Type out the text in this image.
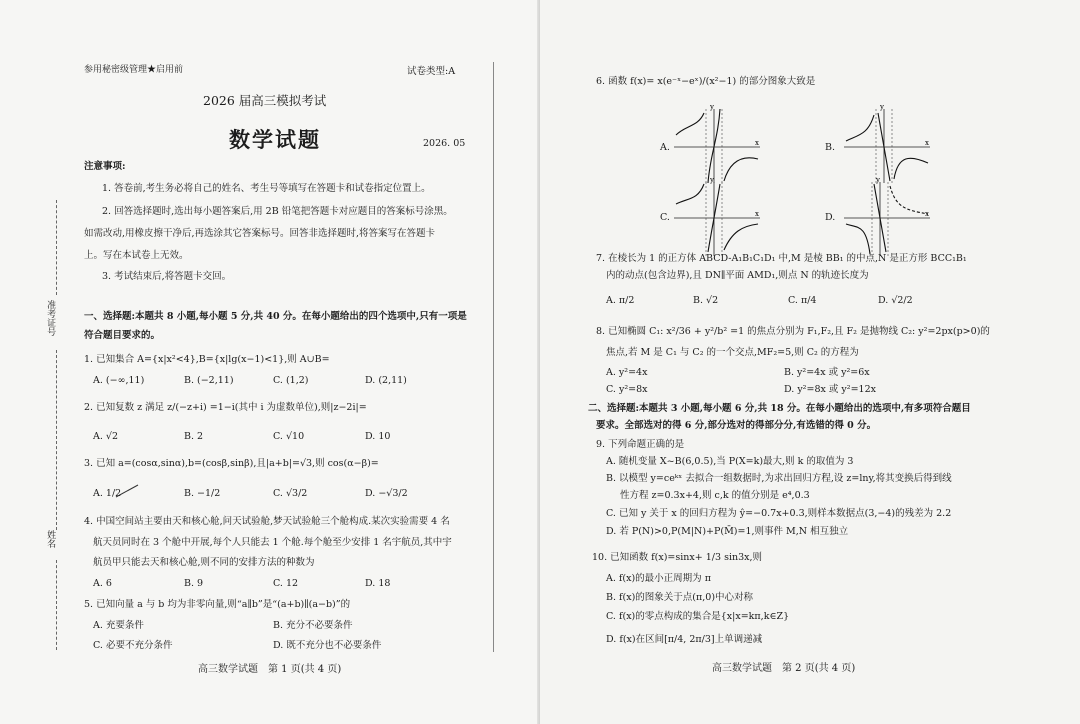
参用秘密级管理★启用前	试卷类型:A
2026 届高三模拟考试
数学试题	2026. 05
注意事项:
1. 答卷前,考生务必将自己的姓名、考生号等填写在答题卡和试卷指定位置上。
2. 回答选择题时,选出每小题答案后,用 2B 铅笔把答题卡对应题目的答案标号涂黑。
如需改动,用橡皮擦干净后,再选涂其它答案标号。回答非选择题时,将答案写在答题卡
上。写在本试卷上无效。
3. 考试结束后,将答题卡交回。
准考证号
姓名
一、选择题:本题共 8 小题,每小题 5 分,共 40 分。在每小题给出的四个选项中,只有一项是
符合题目要求的。
1. 已知集合 A={x|x²<4},B={x|lg(x−1)<1},则 A∪B=
A. (−∞,11)	B. (−2,11)	C. (1,2)	D. (2,11)
2. 已知复数 z 满足 z/(−z+i) =1−i(其中 i 为虚数单位),则|z−2i|=
A. √2	B. 2	C. √10	D. 10
3. 已知 a=(cosα,sinα),b=(cosβ,sinβ),且|a+b|=√3,则 cos(α−β)=
A. 1/2	B. −1/2	C. √3/2	D. −√3/2
4. 中国空间站主要由天和核心舱,问天试验舱,梦天试验舱三个舱构成.某次实验需要 4 名
航天员同时在 3 个舱中开展,每个人只能去 1 个舱.每个舱至少安排 1 名宇航员,其中宇
航员甲只能去天和核心舱,则不同的安排方法的种数为
A. 6	B. 9	C. 12	D. 18
5. 已知向量 a 与 b 均为非零向量,则“a∥b”是“(a+b)∥(a−b)”的
A. 充要条件	B. 充分不必要条件
C. 必要不充分条件	D. 既不充分也不必要条件
高三数学试题　第 1 页(共 4 页)
6. 函数 f(x)= x(e⁻ˣ−eˣ)/(x²−1) 的部分图象大致是
A.
y
x	B.
y
x
C.
y
x	D.
y
x
7. 在棱长为 1 的正方体 ABCD-A₁B₁C₁D₁ 中,M 是棱 BB₁ 的中点,N 是正方形 BCC₁B₁
内的动点(包含边界),且 DN∥平面 AMD₁,则点 N 的轨迹长度为
A. π/2	B. √2	C. π/4	D. √2/2
8. 已知椭圆 C₁: x²/36 + y²/b² =1 的焦点分别为 F₁,F₂,且 F₂ 是抛物线 C₂: y²=2px(p>0)的
焦点,若 M 是 C₁ 与 C₂ 的一个交点,MF₂=5,则 C₂ 的方程为
A. y²=4x	B. y²=4x 或 y²=6x
C. y²=8x	D. y²=8x 或 y²=12x
二、选择题:本题共 3 小题,每小题 6 分,共 18 分。在每小题给出的选项中,有多项符合题目
要求。全部选对的得 6 分,部分选对的得部分分,有选错的得 0 分。
9. 下列命题正确的是
A. 随机变量 X~B(6,0.5),当 P(X=k)最大,则 k 的取值为 3
B. 以模型 y=ceᵏˣ 去拟合一组数据时,为求出回归方程,设 z=lny,将其变换后得到线
性方程 z=0.3x+4,则 c,k 的值分别是 e⁴,0.3
C. 已知 y 关于 x 的回归方程为 ŷ=−0.7x+0.3,则样本数据点(3,−4)的残差为 2.2
D. 若 P(N)>0,P(M|N)+P(M̄)=1,则事件 M,N 相互独立
10. 已知函数 f(x)=sinx+ 1/3 sin3x,则
A. f(x)的最小正周期为 π
B. f(x)的图象关于点(π,0)中心对称
C. f(x)的零点构成的集合是{x|x=kπ,k∈Z}
D. f(x)在区间[π/4, 2π/3]上单调递减
高三数学试题　第 2 页(共 4 页)
